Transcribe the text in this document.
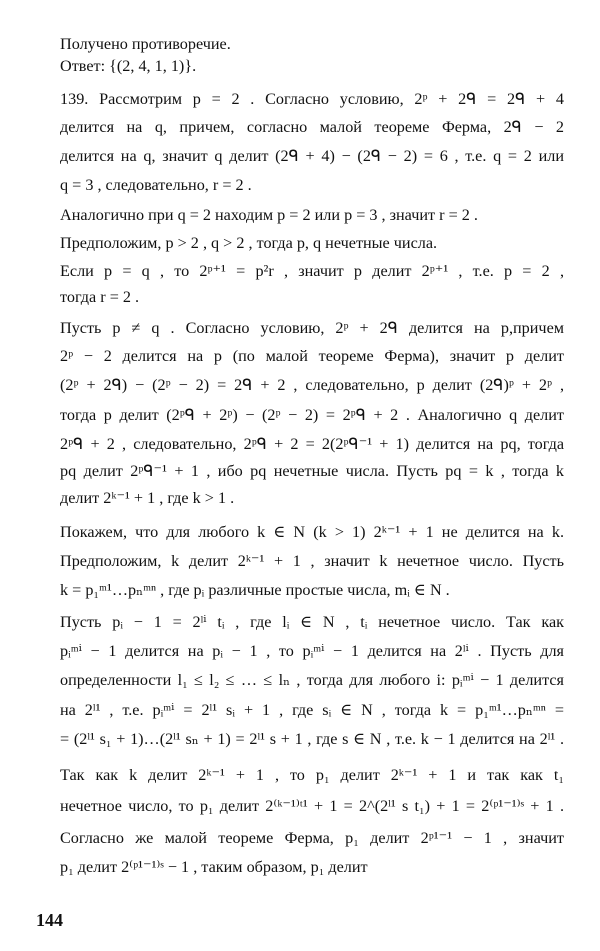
Получено противоречие.
Ответ: {(2, 4, 1, 1)}.
139. Рассмотрим p = 2 . Согласно условию, 2ᵖ + 2ᑫ = 2ᑫ + 4
делится на q, причем, согласно малой теореме Ферма, 2ᑫ − 2
делится на q, значит q делит (2ᑫ + 4) − (2ᑫ − 2) = 6 , т.е. q = 2 или
q = 3 , следовательно, r = 2 .
Аналогично при q = 2 находим p = 2 или p = 3 , значит r = 2 .
Предположим, p > 2 , q > 2 , тогда p, q нечетные числа.
Если p = q , то 2ᵖ⁺¹ = p²r , значит p делит 2ᵖ⁺¹ , т.е. p = 2 ,
тогда r = 2 .
Пусть p ≠ q . Согласно условию, 2ᵖ + 2ᑫ делится на p,причем
2ᵖ − 2 делится на p (по малой теореме Ферма), значит p делит
(2ᵖ + 2ᑫ) − (2ᵖ − 2) = 2ᑫ + 2 , следовательно, p делит (2ᑫ)ᵖ + 2ᵖ ,
тогда p делит (2ᵖᑫ + 2ᵖ) − (2ᵖ − 2) = 2ᵖᑫ + 2 . Аналогично q делит
2ᵖᑫ + 2 , следовательно, 2ᵖᑫ + 2 = 2(2ᵖᑫ⁻¹ + 1) делится на pq, тогда
pq делит 2ᵖᑫ⁻¹ + 1 , ибо pq нечетные числа. Пусть pq = k , тогда k
делит 2ᵏ⁻¹ + 1 , где k > 1 .
Покажем, что для любого k ∈ N (k > 1) 2ᵏ⁻¹ + 1 не делится на k.
Предположим, k делит 2ᵏ⁻¹ + 1 , значит k нечетное число. Пусть
k = p₁ᵐ¹…pₙᵐⁿ , где pᵢ различные простые числа, mᵢ ∈ N .
Пусть pᵢ − 1 = 2ˡⁱ tᵢ , где lᵢ ∈ N , tᵢ нечетное число. Так как
pᵢᵐⁱ − 1 делится на pᵢ − 1 , то pᵢᵐⁱ − 1 делится на 2ˡⁱ . Пусть для
определенности l₁ ≤ l₂ ≤ … ≤ lₙ , тогда для любого i: pᵢᵐⁱ − 1 делится
на 2ˡ¹ , т.е. pᵢᵐⁱ = 2ˡ¹ sᵢ + 1 , где sᵢ ∈ N , тогда k = p₁ᵐ¹…pₙᵐⁿ =
= (2ˡ¹ s₁ + 1)…(2ˡ¹ sₙ + 1) = 2ˡ¹ s + 1 , где s ∈ N , т.е. k − 1 делится на 2ˡ¹ .
Так как k делит 2ᵏ⁻¹ + 1 , то p₁ делит 2ᵏ⁻¹ + 1 и так как t₁
нечетное число, то p₁ делит 2⁽ᵏ⁻¹⁾ᵗ¹ + 1 = 2^(2ˡ¹ s t₁) + 1 = 2⁽ᵖ¹⁻¹⁾ˢ + 1 .
Согласно же малой теореме Ферма, p₁ делит 2ᵖ¹⁻¹ − 1 , значит
p₁ делит 2⁽ᵖ¹⁻¹⁾ˢ − 1 , таким образом, p₁ делит
144
